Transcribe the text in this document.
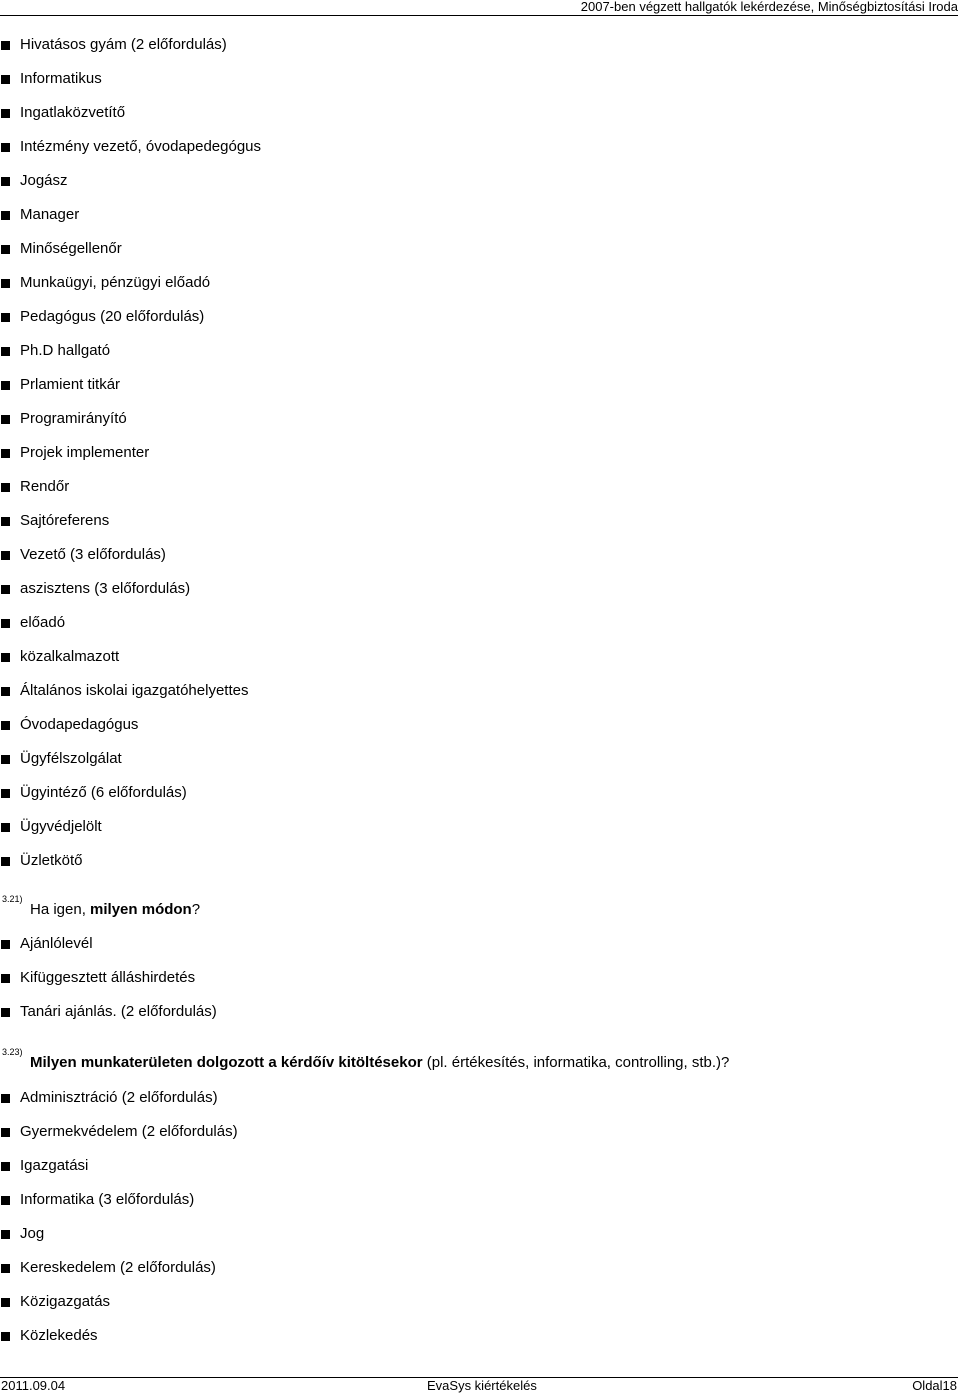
2007-ben végzett hallgatók lekérdezése, Minőségbiztosítási Iroda
Hivatásos gyám (2 előfordulás)
Informatikus
Ingatlaközvetítő
Intézmény vezető, óvodapedegógus
Jogász
Manager
Minőségellenőr
Munkaügyi, pénzügyi előadó
Pedagógus (20 előfordulás)
Ph.D hallgató
Prlamient titkár
Programirányító
Projek implementer
Rendőr
Sajtóreferens
Vezető (3 előfordulás)
aszisztens (3 előfordulás)
előadó
közalkalmazott
Általános iskolai igazgatóhelyettes
Óvodapedagógus
Ügyfélszolgálat
Ügyintéző (6 előfordulás)
Ügyvédjelölt
Üzletkötő
3.21)
Ha igen, milyen módon?
Ajánlólevél
Kifüggesztett álláshirdetés
Tanári ajánlás. (2 előfordulás)
3.23)
Milyen munkaterületen dolgozott a kérdőív kitöltésekor (pl. értékesítés, informatika, controlling, stb.)?
Adminisztráció (2 előfordulás)
Gyermekvédelem (2 előfordulás)
Igazgatási
Informatika (3 előfordulás)
Jog
Kereskedelem (2 előfordulás)
Közigazgatás
Közlekedés
2011.09.04	EvaSys kiértékelés	Oldal18
